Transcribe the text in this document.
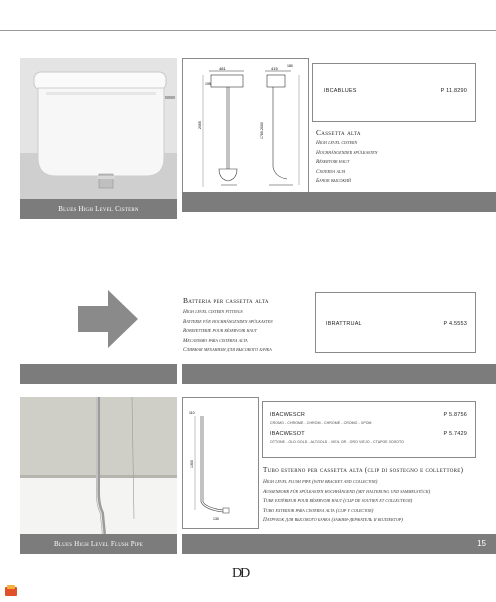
Blues High Level Cistern
481
195
2065
415	180
1780-2000
IBCABLUES	P 11.8290
Cassetta alta
High level cistern
Hochhängender spülkasten
Réservoir haut
Cisterna alta
Бачок высокий
Batteria per cassetta alta
High level cistern fittings
Batterie für hochhängenden spülkasten
Robinetterie pour réservoir haut
Mecanismo para cisterna alta
Сливная механизм для высокого бачка
IBRATTRUAL	P 4.5553
Blues High Level Flush Pipe
110
1300
130
IBACWESCR	P 5.8756
CROMO - CHROME - CHROM - CHROMÉ - CROMO - ХРОМ
IBACWESOT	P 5.7429
OTTONE - OLD GOLD - ALTGOLD - VIEIL OR - ORO VIEJO - СТАРОЕ ЗОЛОТО
Tubo esterno per cassetta alta (clip di sostegno e collettore)
High level flush pipe (with bracket and collector)
Außenrohr für spülkasten hochhängend (mit halterung und sammelstück)
Tube extérieur pour réservoir haut (clip de soutien et collecteur)
Tubo exterior para cisterna alta (clip y colector)
Патрубок для высокого бачка (зажим-держатель и коллектор)
15
DD
